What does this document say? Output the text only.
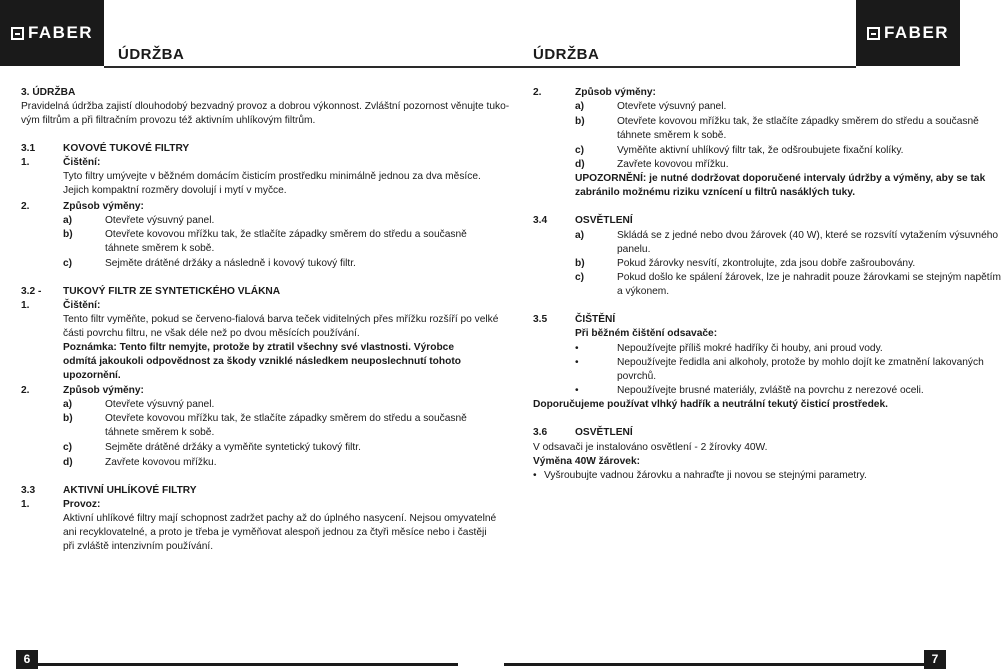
FABER
ÚDRŽBA	ÚDRŽBA
FABER
3. ÚDRŽBA
Pravidelná údržba zajistí dlouhodobý bezvadný provoz a dobrou výkonnost. Zvláštní pozornost věnujte tuko-
vým filtrům a při filtračním provozu též aktivním uhlíkovým filtrům.
3.1	KOVOVÉ TUKOVÉ FILTRY
1.	Čištění:
Tyto filtry umývejte v běžném domácím čisticím prostředku minimálně jednou za dva měsíce.
Jejich kompaktní rozměry dovolují i mytí v myčce.
2.	Způsob výměny:
a)	Otevřete výsuvný panel.
b)	Otevřete kovovou mřížku tak, že stlačíte západky směrem do středu a současně
táhnete směrem k sobě.
c)	Sejměte drátěné držáky a následně i kovový tukový filtr.
3.2 - TUKOVÝ FILTR ZE SYNTETICKÉHO VLÁKNA
1.	Čištění:
Tento filtr vyměňte, pokud se červeno-fialová barva teček viditelných přes mřížku rozšíří po velké
části povrchu filtru, ne však déle než po dvou měsících používání.
Poznámka: Tento filtr nemyjte, protože by ztratil všechny své vlastnosti. Výrobce
odmítá jakoukoli odpovědnost za škody vzniklé následkem neuposlechnutí tohoto
upozornění.
2.	Způsob výměny:
a)	Otevřete výsuvný panel.
b)	Otevřete kovovou mřížku tak, že stlačíte západky směrem do středu a současně
táhnete směrem k sobě.
c)	Sejměte drátěné držáky a vyměňte syntetický tukový filtr.
d)	Zavřete kovovou mřížku.
3.3	AKTIVNÍ UHLÍKOVÉ FILTRY
1.	Provoz:
Aktivní uhlíkové filtry mají schopnost zadržet pachy až do úplného nasycení. Nejsou omyvatelné
ani recyklovatelné, a proto je třeba je vyměňovat alespoň jednou za čtyři měsíce nebo i častěji
při zvláště intenzivním používání.
2.	Způsob výměny:
a)	Otevřete výsuvný panel.
b)	Otevřete kovovou mřížku tak, že stlačíte západky směrem do středu a současně
táhnete směrem k sobě.
c)	Vyměňte aktivní uhlíkový filtr tak, že odšroubujete fixační kolíky.
d)	Zavřete kovovou mřížku.
UPOZORNĚNÍ: je nutné dodržovat doporučené intervaly údržby a výměny, aby se tak
zabránilo možnému riziku vznícení u filtrů nasáklých tuky.
3.4	OSVĚTLENÍ
a)	Skládá se z jedné nebo dvou žárovek (40 W), které se rozsvítí vytažením výsuvného
panelu.
b)	Pokud žárovky nesvítí, zkontrolujte, zda jsou dobře zašroubovány.
c)	Pokud došlo ke spálení žárovek, lze je nahradit pouze žárovkami se stejným napětím
a výkonem.
3.5	ČIŠTĚNÍ
Při běžném čištění odsavače:
•	Nepoužívejte příliš mokré hadříky či houby, ani proud vody.
•	Nepoužívejte ředidla ani alkoholy, protože by mohlo dojít ke zmatnění lakovaných
povrchů.
•	Nepoužívejte brusné materiály, zvláště na povrchu z nerezové oceli.
Doporučujeme používat vlhký hadřík a neutrální tekutý čisticí prostředek.
3.6	OSVĚTLENÍ
V odsavači je instalováno osvětlení - 2 žírovky 40W.
Výměna 40W žárovek:
• Vyšroubujte vadnou žárovku a nahraďte ji novou se stejnými parametry.
6	7
